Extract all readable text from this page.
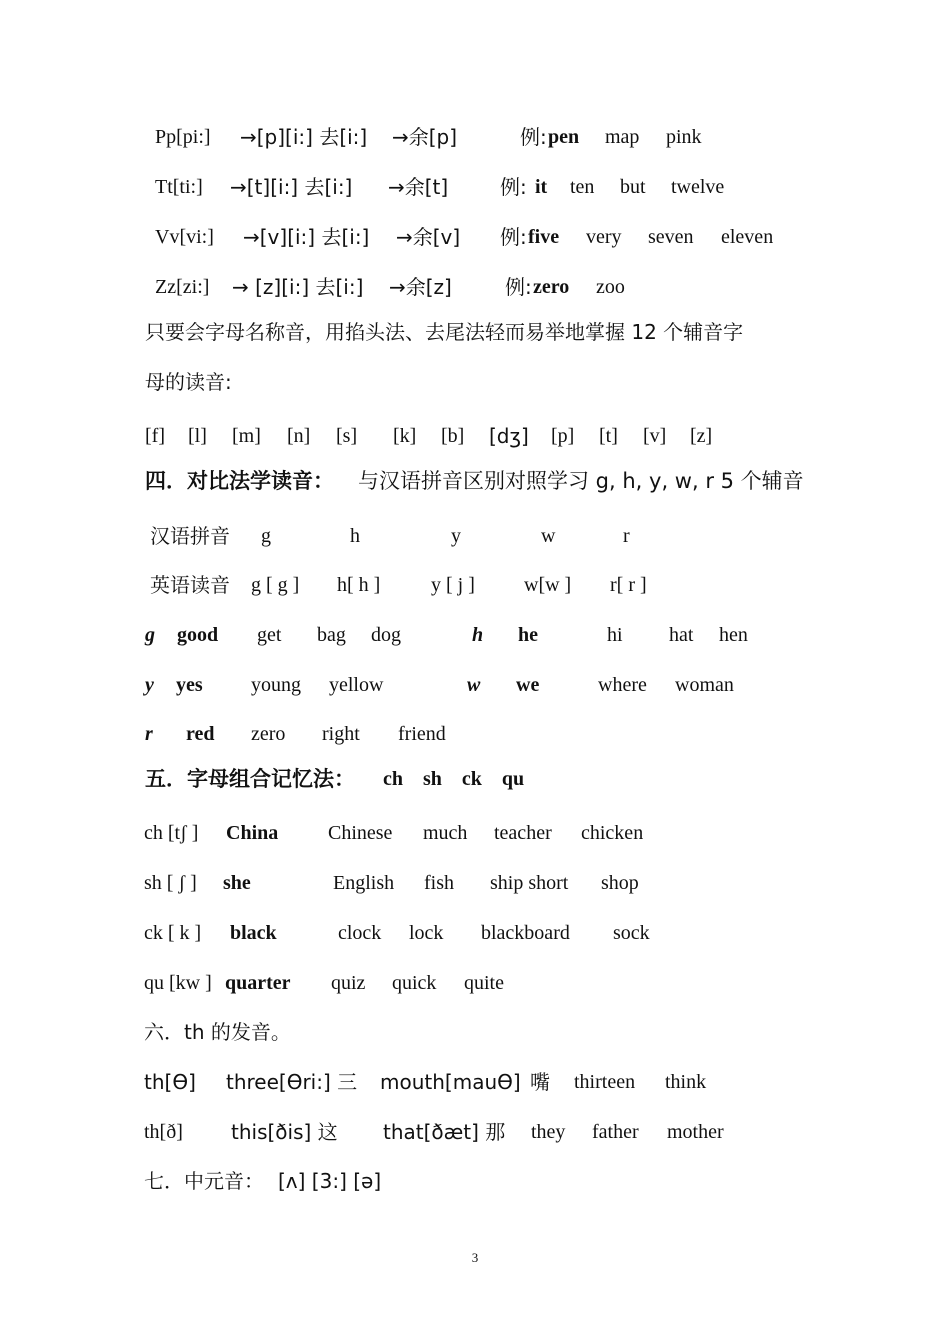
Pp[pi:] →[p][i:] 去[i:] →余[p]	例: pen map pink
Tt[ti:] →[t][i:] 去[i:] →余[t]	例: it ten but twelve
Vv[vi:] →[v][i:] 去[i:] →余[v] 例: five very seven eleven
Zz[zi:] → [z][i:] 去[i:] →余[z]	例: zero zoo
只要会字母名称音，用掐头法、去尾法轻而易举地掌握 12 个辅音字
母的读音:
[f] [l] [m] [n] [s] [k] [b] [dʒ] [p] [t] [v] [z]
四．对比法学读音： 与汉语拼音区别对照学习 g, h, y, w, r 5 个辅音
汉语拼音 g	h	y	w	r
英语读音 g [ g ] h[ h ]	y [ j ] w[w ] r[ r ]
g good get bag dog	h he	hi hat hen
y yes young yellow	w we	where woman
r red zero right friend
五．字母组合记忆法： ch    sh    ck    qu
ch [tʃ ] China Chinese much teacher chicken
sh [ ʃ ] she	English fish ship short shop
ck [ k ] black	clock lock blackboard sock
qu [kw ] quarter quiz quick quite
六．th 的发音。
th[Ɵ] three[Ɵri:] 三 mouth[mauƟ] 嘴 thirteen think
th[ð] this[ðis] 这 that[ðæt] 那 they father mother
七．中元音： [ʌ] [3:] [ə]
3
